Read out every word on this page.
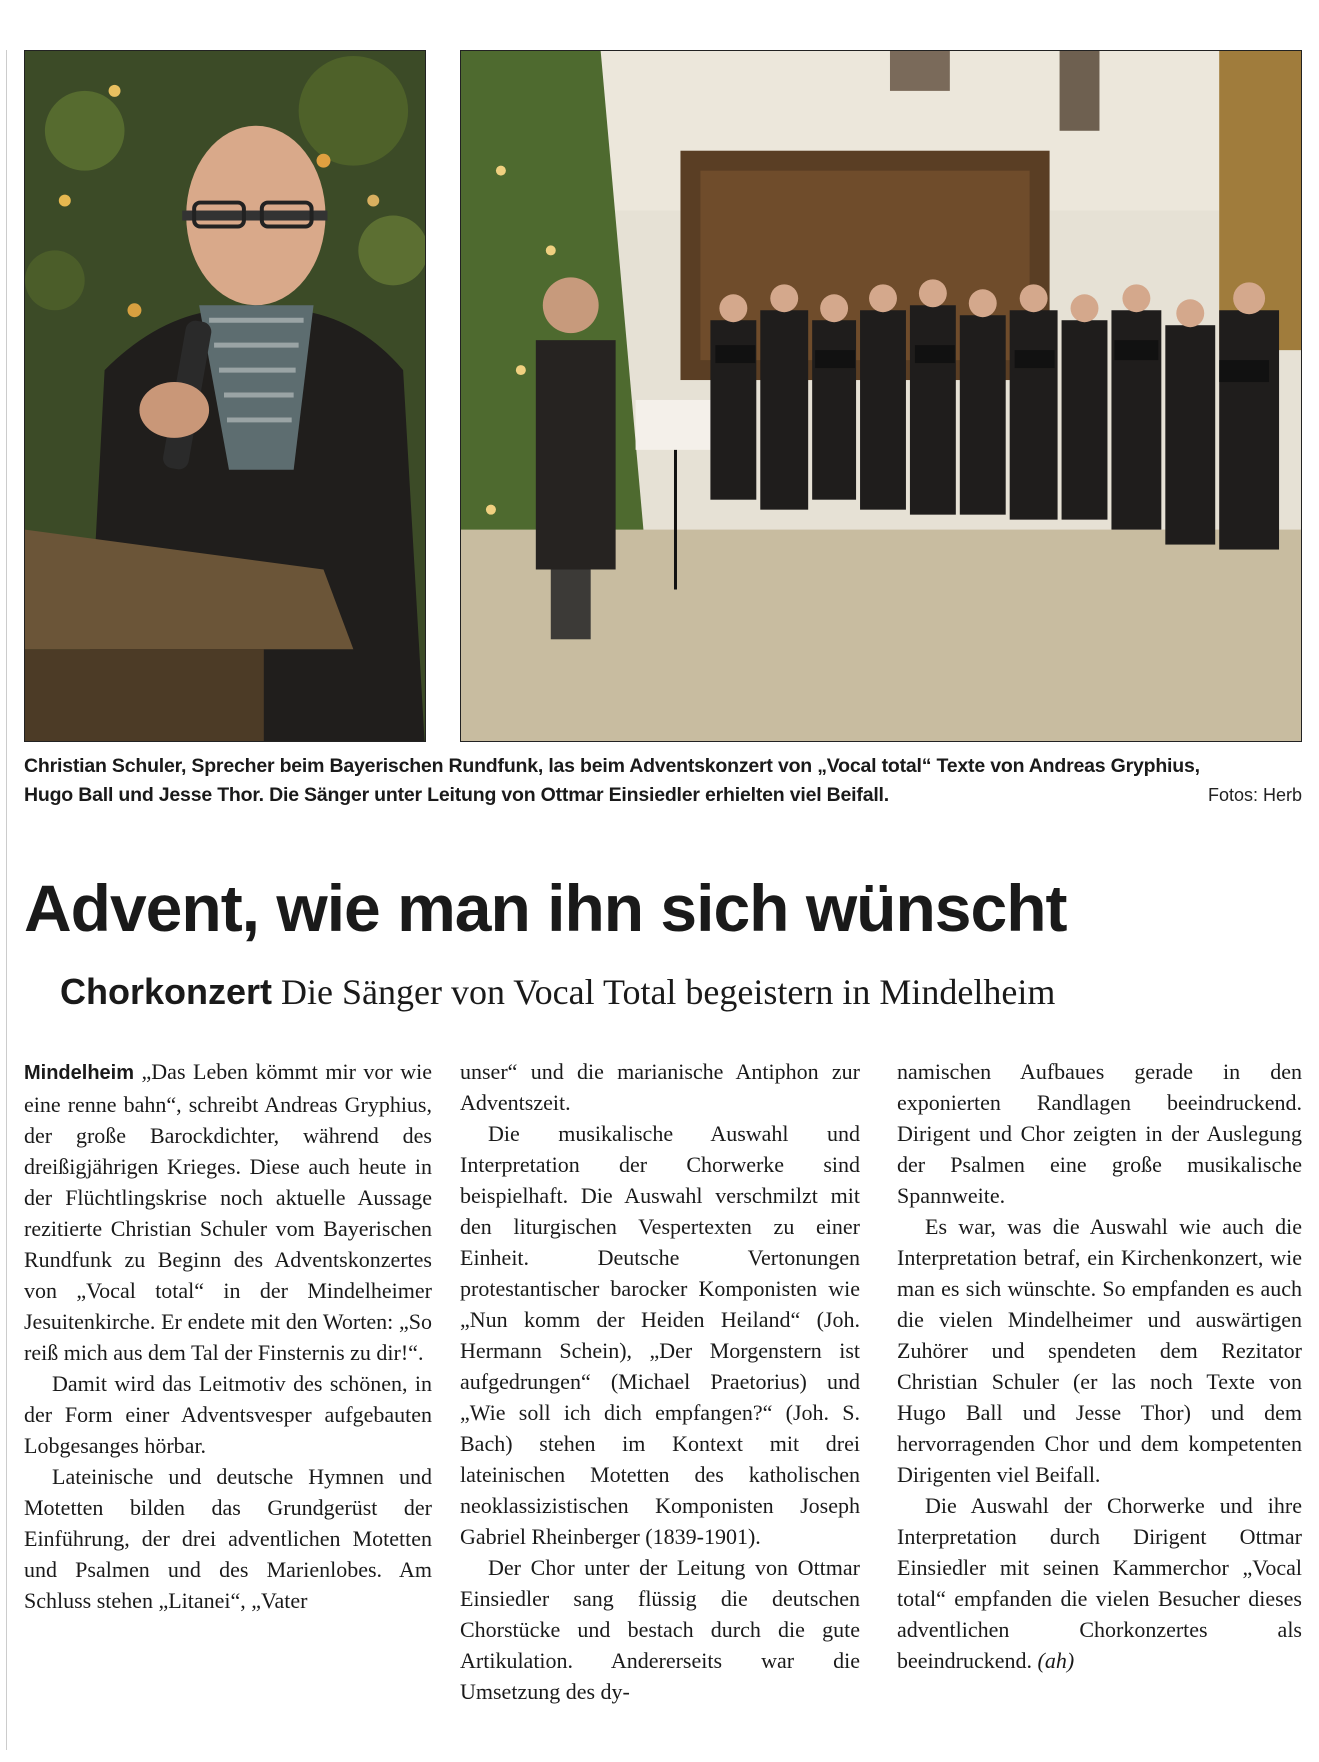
Christian Schuler, Sprecher beim Bayerischen Rundfunk, las beim Adventskonzert von „Vocal total“ Texte von Andreas Gryphius,
Hugo Ball und Jesse Thor. Die Sänger unter Leitung von Ottmar Einsiedler erhielten viel Beifall.	Fotos: Herb
Advent, wie man ihn sich wünscht
Chorkonzert Die Sänger von Vocal Total begeistern in Mindelheim

Mindelheim „Das Leben kömmt mir vor wie eine renne bahn“, schreibt Andreas Gryphius, der große Barockdichter, während des dreißigjährigen Krieges. Diese auch heute in der Flüchtlingskrise noch aktuelle Aussage rezitierte Christian Schuler vom Bayerischen Rundfunk zu Beginn des Adventskonzertes von „Vocal total“ in der Mindelheimer Jesuitenkirche. Er endete mit den Worten: „So reiß mich aus dem Tal der Finsternis zu dir!“.

Damit wird das Leitmotiv des schönen, in der Form einer Adventsvesper aufgebauten Lobgesanges hörbar.

Lateinische und deutsche Hymnen und Motetten bilden das Grundgerüst der Einführung, der drei adventlichen Motetten und Psalmen und des Marienlobes. Am Schluss stehen „Litanei“, „Vater

unser“ und die marianische Antiphon zur Adventszeit.

Die musikalische Auswahl und Interpretation der Chorwerke sind beispielhaft. Die Auswahl verschmilzt mit den liturgischen Vespertexten zu einer Einheit. Deutsche Vertonungen protestantischer barocker Komponisten wie „Nun komm der Heiden Heiland“ (Joh. Hermann Schein), „Der Morgenstern ist aufgedrungen“ (Michael Praetorius) und „Wie soll ich dich empfangen?“ (Joh. S. Bach) stehen im Kontext mit drei lateinischen Motetten des katholischen neoklassizistischen Komponisten Joseph Gabriel Rheinberger (1839-1901).

Der Chor unter der Leitung von Ottmar Einsiedler sang flüssig die deutschen Chorstücke und bestach durch die gute Artikulation. Andererseits war die Umsetzung des dy-

namischen Aufbaues gerade in den exponierten Randlagen beeindruckend. Dirigent und Chor zeigten in der Auslegung der Psalmen eine große musikalische Spannweite.

Es war, was die Auswahl wie auch die Interpretation betraf, ein Kirchenkonzert, wie man es sich wünschte. So empfanden es auch die vielen Mindelheimer und auswärtigen Zuhörer und spendeten dem Rezitator Christian Schuler (er las noch Texte von Hugo Ball und Jesse Thor) und dem hervorragenden Chor und dem kompetenten Dirigenten viel Beifall.

Die Auswahl der Chorwerke und ihre Interpretation durch Dirigent Ottmar Einsiedler mit seinen Kammerchor „Vocal total“ empfanden die vielen Besucher dieses adventlichen Chorkonzertes als beeindruckend. (ah)
